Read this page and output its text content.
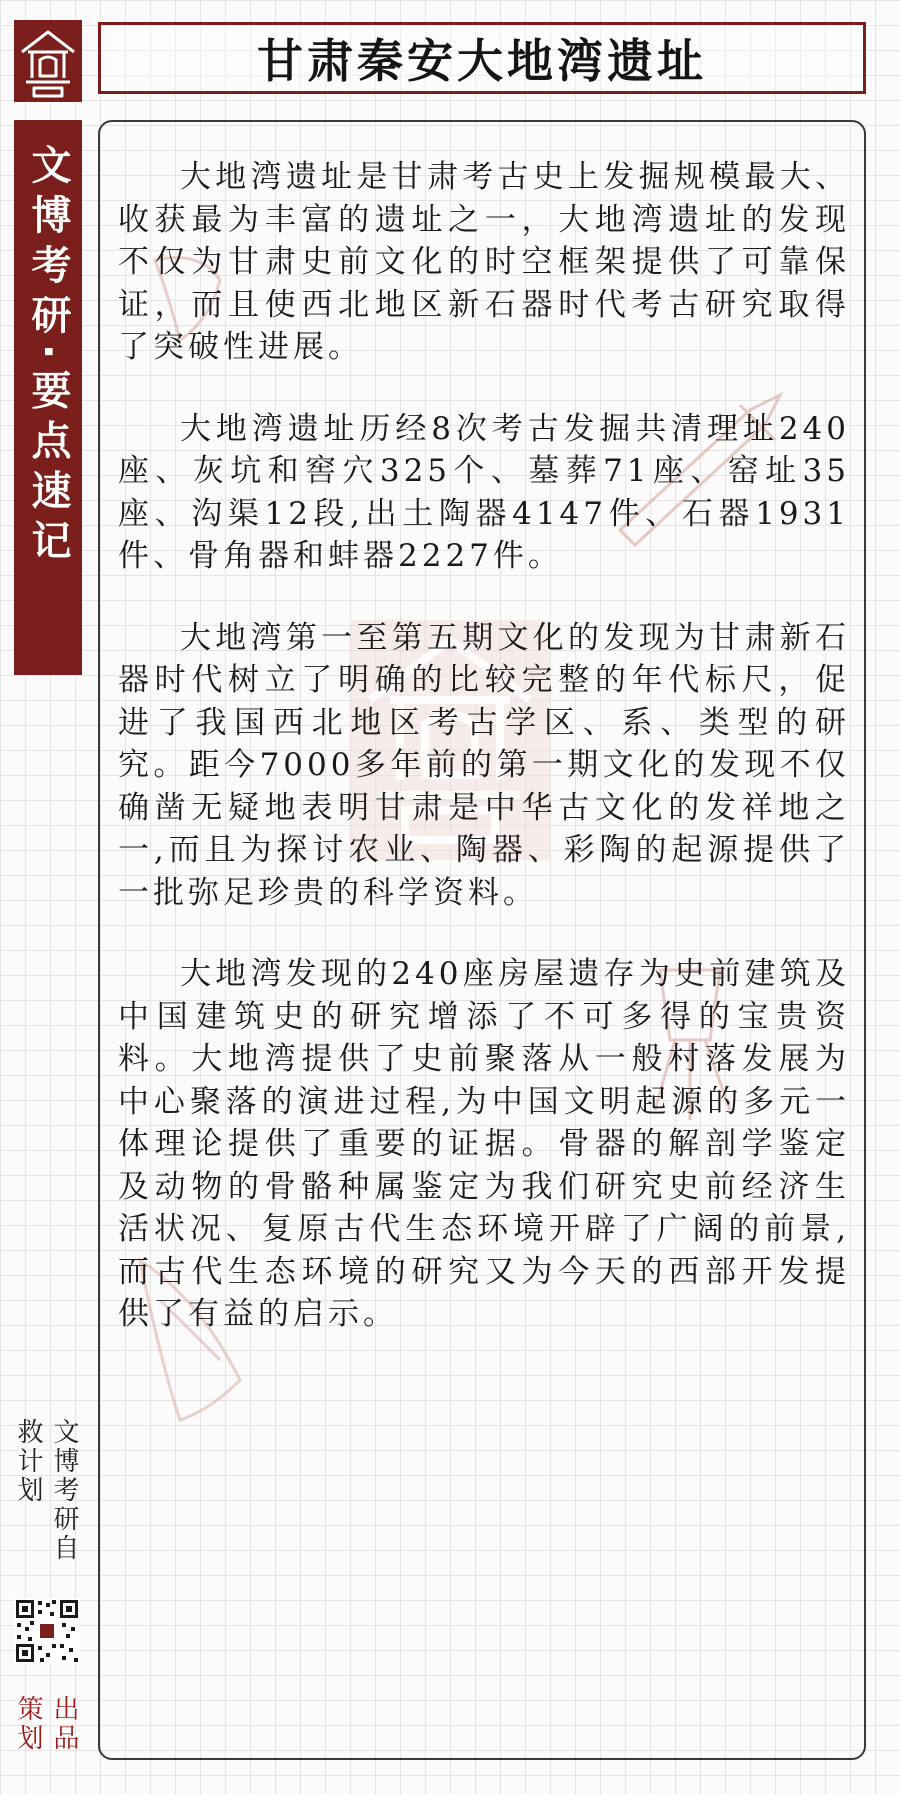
甘肃秦安大地湾遗址
文博考研·要点速记	大地湾遗址是甘肃考古史上发掘规模最大、收获最为丰富的遗址之一，大地湾遗址的发现不仅为甘肃史前文化的时空框架提供了可靠保证，而且使西北地区新石器时代考古研究取得了突破性进展。

大地湾遗址历经8次考古发掘共清理址240座、灰坑和窖穴325个、墓葬71座、窑址35座、沟渠12段,出土陶器4147件、石器1931件、骨角器和蚌器2227件。

大地湾第一至第五期文化的发现为甘肃新石器时代树立了明确的比较完整的年代标尺，促进了我国西北地区考古学区、系、类型的研究。距今7000多年前的第一期文化的发现不仅确凿无疑地表明甘肃是中华古文化的发祥地之一,而且为探讨农业、陶器、彩陶的起源提供了一批弥足珍贵的科学资料。

大地湾发现的240座房屋遗存为史前建筑及中国建筑史的研究增添了不可多得的宝贵资料。大地湾提供了史前聚落从一般村落发展为中心聚落的演进过程,为中国文明起源的多元一体理论提供了重要的证据。骨器的解剖学鉴定及动物的骨骼种属鉴定为我们研究史前经济生活状况、复原古代生态环境开辟了广阔的前景,而古代生态环境的研究又为今天的西部开发提供了有益的启示。

文博考研自救计划
出品策划
